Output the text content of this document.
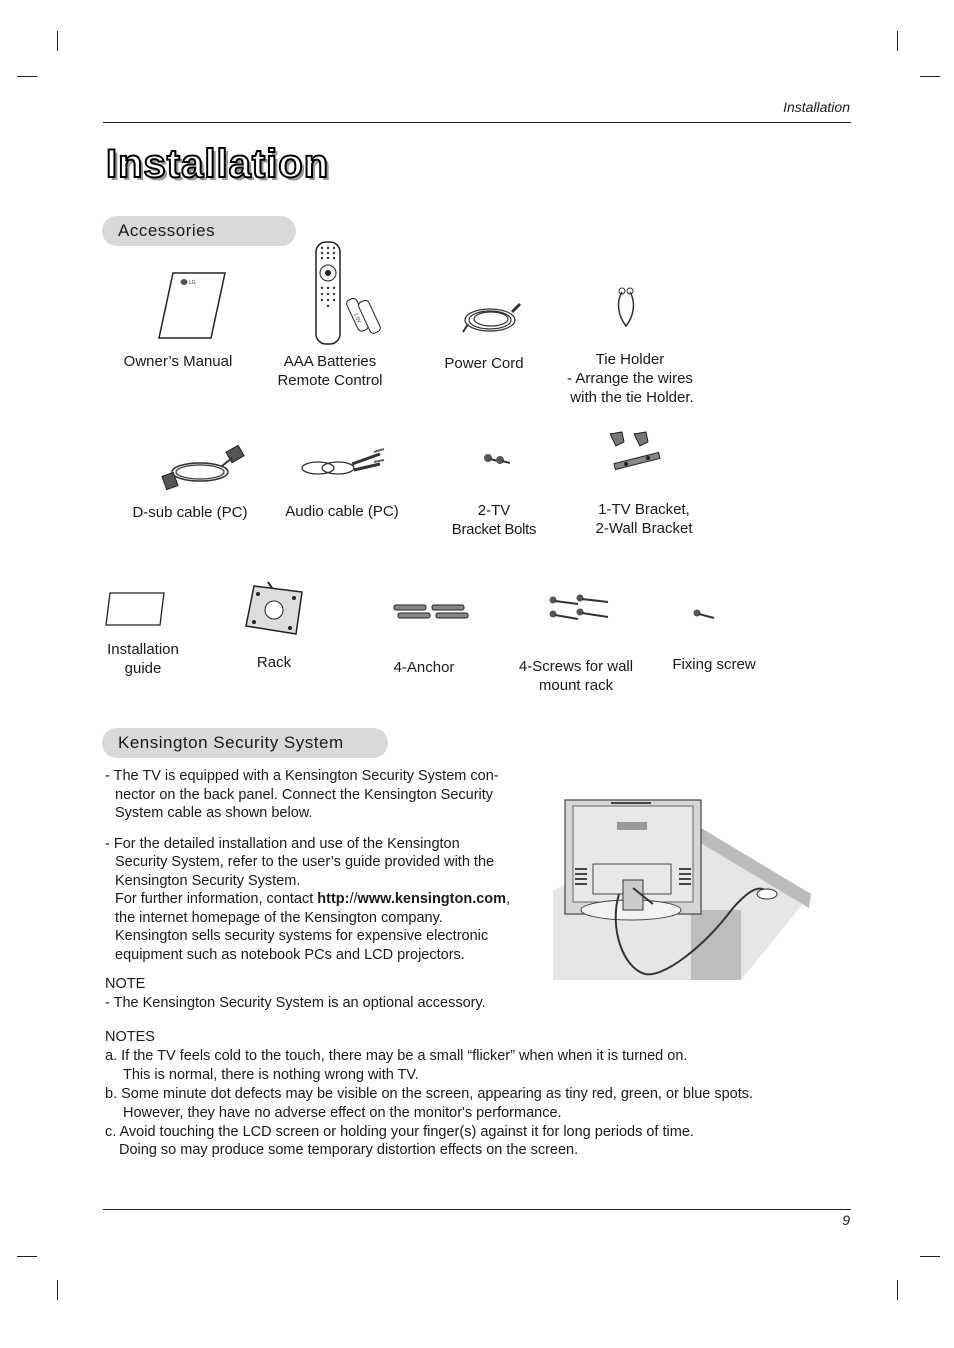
Installation
Installation
Accessories
LG
1.5V
Owner’s Manual	AAA Batteries
Remote Control
Power Cord	Tie Holder
- Arrange the wires
with the tie Holder.
D-sub cable (PC)	Audio cable (PC)	2-TV
Bracket Bolts
1-TV Bracket,
2-Wall Bracket
Installation
guide	Rack	4-Anchor	4-Screws for wall
mount rack
Fixing screw
Kensington Security System
- The TV is equipped with a Kensington Security System con-
nector on the back panel. Connect the Kensington Security
System cable as shown below.
- For the detailed installation and use of the Kensington
Security System, refer to the user’s guide provided with the
Kensington Security System.
For further information, contact http://www.kensington.com,
the internet homepage of the Kensington company.
Kensington sells security systems for expensive electronic
equipment such as notebook PCs and LCD projectors.
NOTE
- The Kensington Security System is an optional accessory.

NOTES

a. If the TV feels cold to the touch, there may be a small “flicker” when when it is turned on.

This is normal, there is nothing wrong with TV.

b. Some minute dot defects may be visible on the screen, appearing as tiny red, green, or blue spots.

However, they have no adverse effect on the monitor's performance.

c. Avoid touching the LCD screen or holding your finger(s) against it for long periods of time.

Doing so may produce some temporary distortion effects on the screen.

9
